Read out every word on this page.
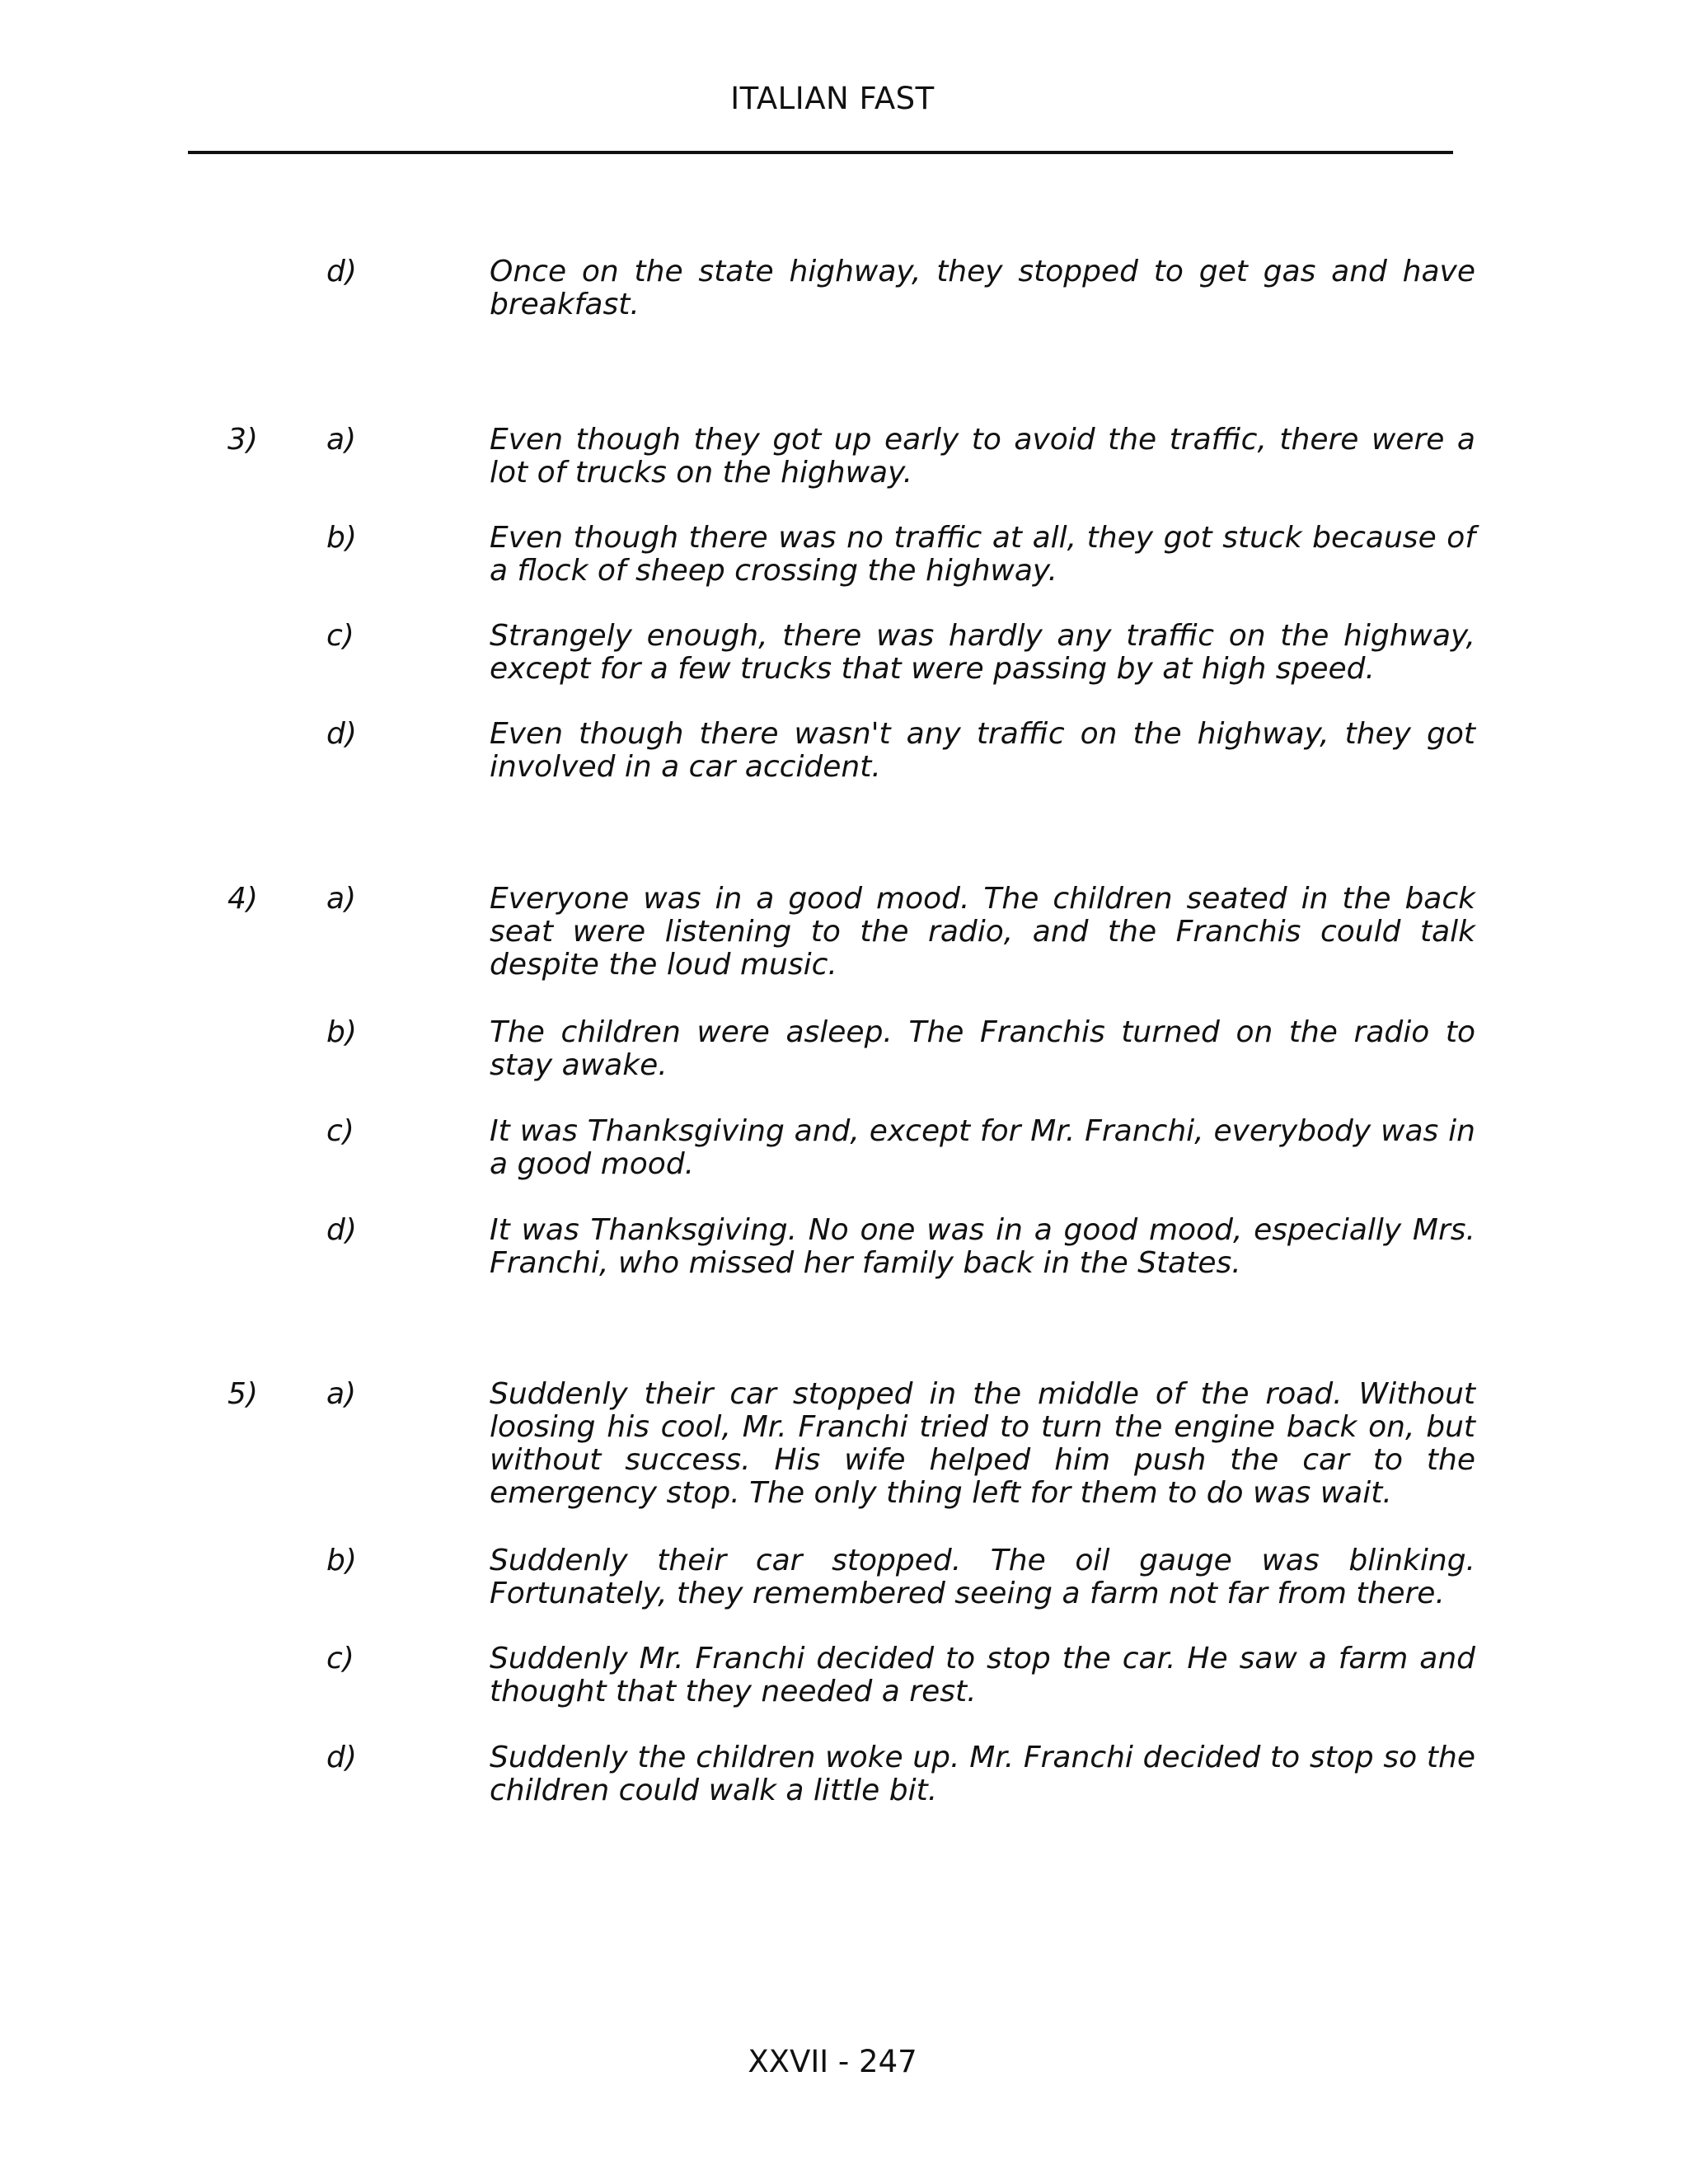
ITALIAN FAST
d)	Once on the state highway, they stopped to get gas and have breakfast.

3) a)	Even though they got up early to avoid the traffic, there were a lot of trucks on the highway.

b)	Even though there was no traffic at all, they got stuck because of a flock of sheep crossing the highway.

c)	Strangely enough, there was hardly any traffic on the highway, except for a few trucks that were passing by at high speed.

d)	Even though there wasn't any traffic on the highway, they got involved in a car accident.

4) a)	Everyone was in a good mood. The children seated in the back seat were listening to the radio, and the Franchis could talk despite the loud music.

b)	The children were asleep. The Franchis turned on the radio to stay awake.

c)	It was Thanksgiving and, except for Mr. Franchi, everybody was in a good mood.

d)	It was Thanksgiving. No one was in a good mood, especially Mrs. Franchi, who missed her family back in the States.

5) a)	Suddenly their car stopped in the middle of the road. Without loosing his cool, Mr. Franchi tried to turn the engine back on, but without success. His wife helped him push the car to the emergency stop. The only thing left for them to do was wait.

b)	Suddenly their car stopped. The oil gauge was blinking. Fortunately, they remembered seeing a farm not far from there.

c)	Suddenly Mr. Franchi decided to stop the car. He saw a farm and thought that they needed a rest.

d)	Suddenly the children woke up. Mr. Franchi decided to stop so the children could walk a little bit.

XXVII - 247
